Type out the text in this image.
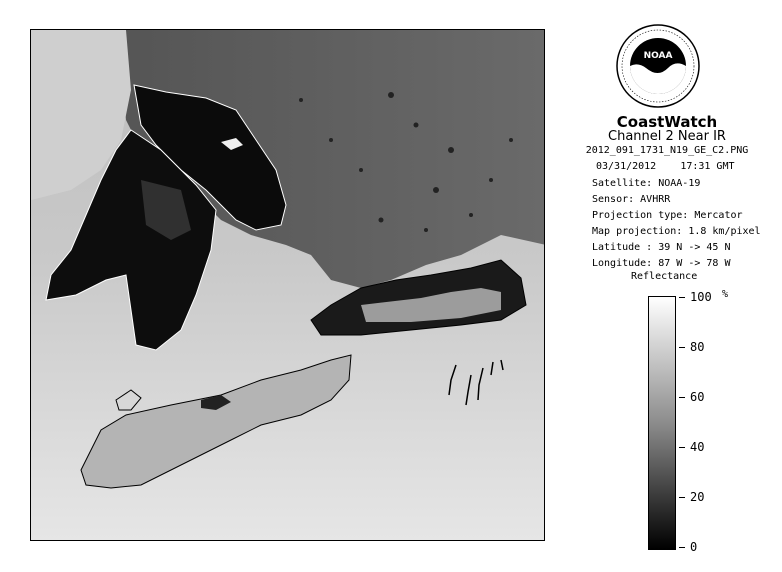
NOAA
CoastWatch
Channel 2 Near IR
2012_091_1731_N19_GE_C2.PNG
03/31/2012 17:31 GMT
Satellite: NOAA-19
Sensor: AVHRR
Projection type: Mercator
Map projection: 1.8 km/pixel
Latitude : 39 N -> 45 N
Longitude: 87 W -> 78 W
Reflectance
%
100
80
60
40
20
0
